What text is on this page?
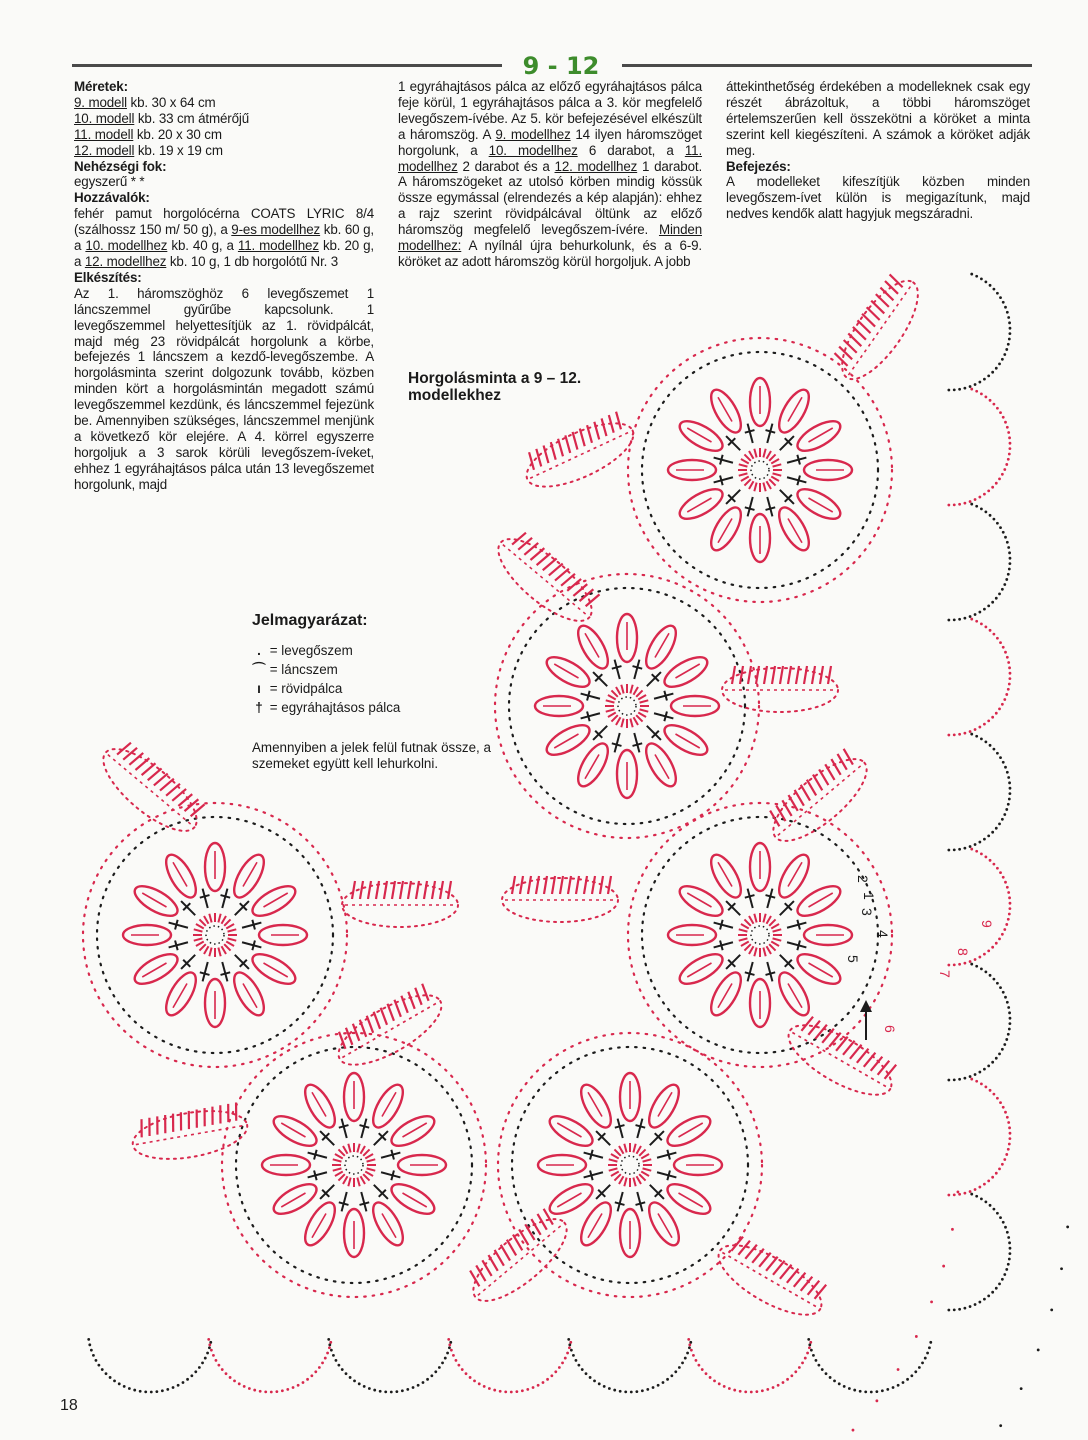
9 - 12

Méretek:

9. modell kb. 30 x 64 cm

10. modell kb. 33 cm átmérőjű

11. modell kb. 20 x 30 cm

12. modell kb. 19 x 19 cm

Nehézségi fok:

egyszerű * *

Hozzávalók:

fehér pamut horgolócérna COATS LYRIC 8/4 (szálhossz 150 m/ 50 g), a 9-es modellhez kb. 60 g, a 10. modellhez kb. 40 g, a 11. modellhez kb. 20 g, a 12. modellhez kb. 10 g, 1 db horgolótű Nr. 3

Elkészítés:

Az 1. háromszöghöz 6 levegőszemet 1 láncszemmel gyűrűbe kapcsolunk. 1 levegőszemmel helyettesítjük az 1. rövidpálcát, majd még 23 rövidpálcát horgolunk a körbe, befejezés 1 láncszem a kezdő-levegőszembe. A horgolásminta szerint dolgozunk tovább, közben minden kört a horgolásmintán megadott számú levegőszemmel kezdünk, és láncszemmel fejezünk be. Amennyiben szükséges, láncszemmel menjünk a következő kör elejére. A 4. körrel egyszerre horgoljuk a 3 sarok körüli levegőszem-íveket, ehhez 1 egyráhajtásos pálca után 13 levegőszemet horgolunk, majd

1 egyráhajtásos pálca az előző egyráhajtásos pálca feje körül, 1 egyráhajtásos pálca a 3. kör megfelelő levegőszem-ívébe. Az 5. kör befejezésével elkészült a háromszög. A 9. modellhez 14 ilyen háromszöget horgolunk, a 10. modellhez 6 darabot, a 11. modellhez 2 darabot és a 12. modellhez 1 darabot. A háromszögeket az utolsó körben mindig kössük össze egymással (elrendezés a kép alapján): ehhez a rajz szerint rövidpálcával öltünk az előző háromszög megfelelő levegőszem-ívére. Minden modellhez: A nyílnál újra behurkolunk, és a 6-9. köröket az adott háromszög körül horgoljuk. A jobb

áttekinthetőség érdekében a modelleknek csak egy részét ábrázoltuk, a többi háromszöget értelemszerűen kell összekötni a köröket a minta szerint kell kiegészíteni. A számok a köröket adják meg.

Befejezés:

A modelleket kifeszítjük közben minden levegőszem-ívet külön is megigazítunk, majd nedves kendők alatt hagyjuk megszáradni.

1
2
3
4
5
6
7
8
9
Horgolásminta a 9 – 12. modellekhez
Jelmagyarázat:
.
= levegőszem
⌒
= láncszem
ı
= rövidpálca
†
= egyráhajtásos pálca
Amennyiben a jelek felül futnak össze, a szemeket együtt kell lehurkolni.
18
